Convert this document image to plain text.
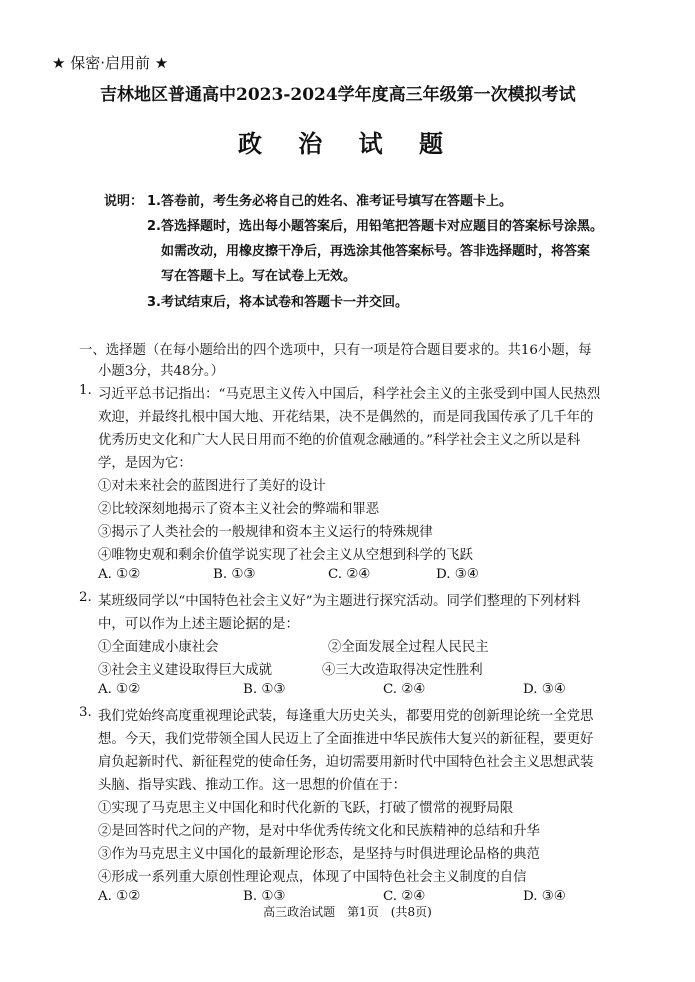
★ 保密·启用前 ★
吉林地区普通高中2023-2024学年度高三年级第一次模拟考试
政 治 试 题
说明： 1.答卷前，考生务必将自己的姓名、准考证号填写在答题卡上。
2.答选择题时，选出每小题答案后，用铅笔把答题卡对应题目的答案标号涂黑。
如需改动，用橡皮擦干净后，再选涂其他答案标号。答非选择题时，将答案
写在答题卡上。写在试卷上无效。
3.考试结束后，将本试卷和答题卡一并交回。
一、选择题（在每小题给出的四个选项中，只有一项是符合题目要求的。共16小题，每
小题3分，共48分。）
1. 习近平总书记指出：“马克思主义传入中国后，科学社会主义的主张受到中国人民热烈
欢迎，并最终扎根中国大地、开花结果，决不是偶然的，而是同我国传承了几千年的
优秀历史文化和广大人民日用而不绝的价值观念融通的。”科学社会主义之所以是科
学，是因为它：
①对未来社会的蓝图进行了美好的设计
②比较深刻地揭示了资本主义社会的弊端和罪恶
③揭示了人类社会的一般规律和资本主义运行的特殊规律
④唯物史观和剩余价值学说实现了社会主义从空想到科学的飞跃
A. ①②	B. ①③	C. ②④	D. ③④
2. 某班级同学以“中国特色社会主义好”为主题进行探究活动。同学们整理的下列材料
中，可以作为上述主题论据的是：
①全面建成小康社会	②全面发展全过程人民民主
③社会主义建设取得巨大成就	④三大改造取得决定性胜利
A. ①②	B. ①③	C. ②④	D. ③④
3. 我们党始终高度重视理论武装，每逢重大历史关头，都要用党的创新理论统一全党思
想。今天，我们党带领全国人民迈上了全面推进中华民族伟大复兴的新征程，要更好
肩负起新时代、新征程党的使命任务，迫切需要用新时代中国特色社会主义思想武装
头脑、指导实践、推动工作。这一思想的价值在于：
①实现了马克思主义中国化和时代化新的飞跃，打破了惯常的视野局限
②是回答时代之问的产物，是对中华优秀传统文化和民族精神的总结和升华
③作为马克思主义中国化的最新理论形态，是坚持与时俱进理论品格的典范
④形成一系列重大原创性理论观点，体现了中国特色社会主义制度的自信
A. ①②	B. ①③	C. ②④	D. ③④
高三政治试题　第1页　(共8页)
